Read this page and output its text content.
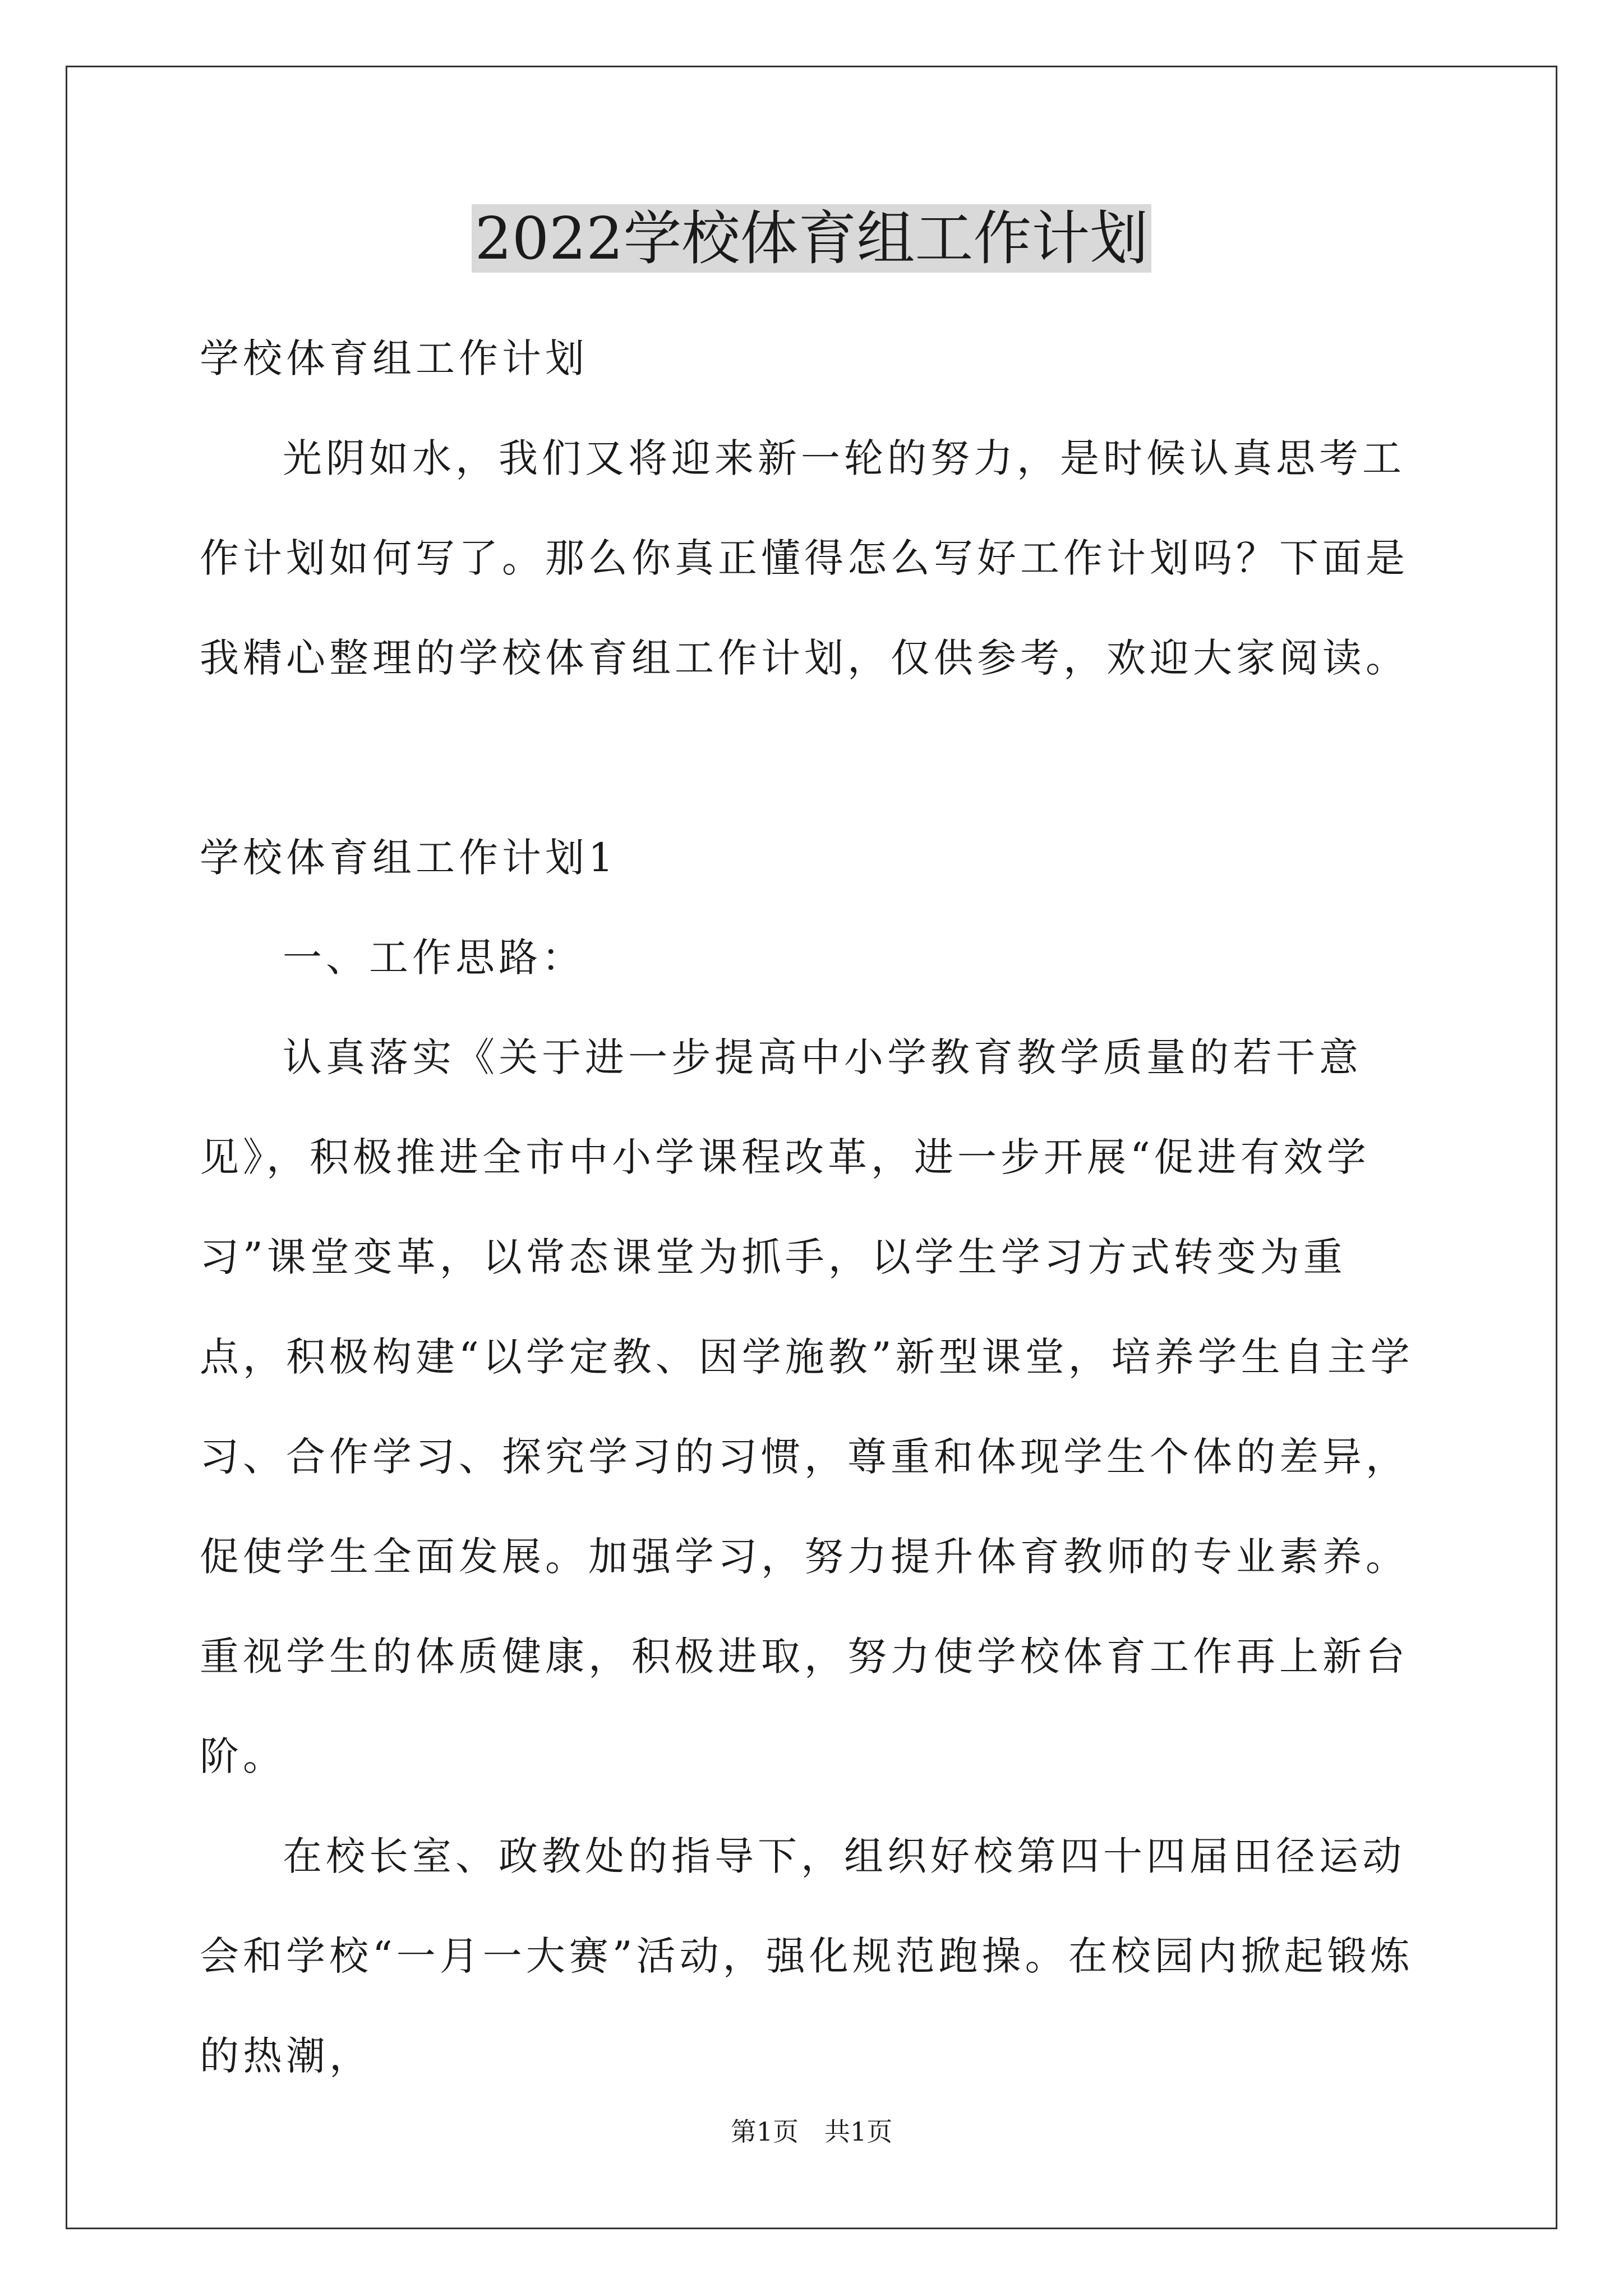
2022学校体育组工作计划

学校体育组工作计划

光阴如水，我们又将迎来新一轮的努力，是时候认真思考工作计划如何写了。那么你真正懂得怎么写好工作计划吗？下面是我精心整理的学校体育组工作计划，仅供参考，欢迎大家阅读。

学校体育组工作计划1

一、工作思路：

认真落实《关于进一步提高中小学教育教学质量的若干意见》，积极推进全市中小学课程改革，进一步开展“促进有效学习”课堂变革，以常态课堂为抓手，以学生学习方式转变为重点，积极构建“以学定教、因学施教”新型课堂，培养学生自主学习、合作学习、探究学习的习惯，尊重和体现学生个体的差异，促使学生全面发展。加强学习，努力提升体育教师的专业素养。重视学生的体质健康，积极进取，努力使学校体育工作再上新台阶。

在校长室、政教处的指导下，组织好校第四十四届田径运动会和学校“一月一大赛”活动，强化规范跑操。在校园内掀起锻炼的热潮，

第1页　共1页
